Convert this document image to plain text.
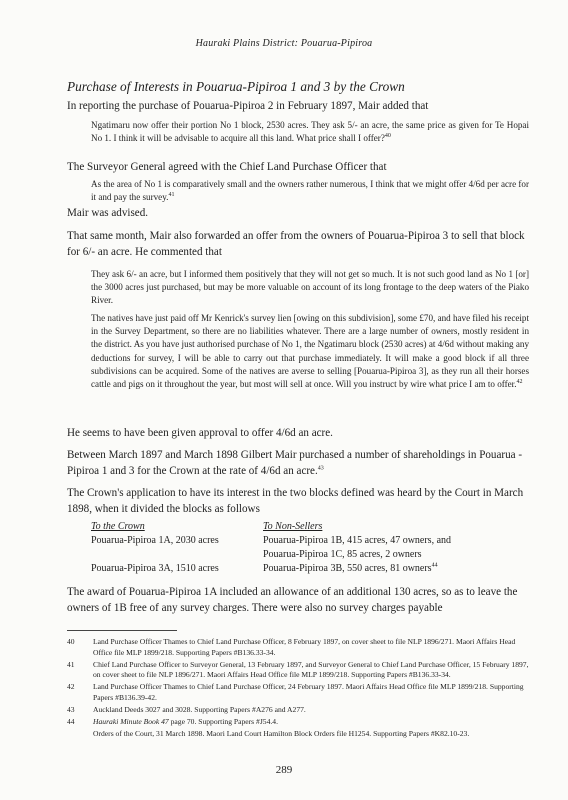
Hauraki Plains District: Pouarua-Pipiroa
Purchase of Interests in Pouarua-Pipiroa 1 and 3 by the Crown

In reporting the purchase of Pouarua-Pipiroa 2 in February 1897, Mair added that

Ngatimaru now offer their portion No 1 block, 2530 acres. They ask 5/- an acre, the same price as given for Te Hopai No 1. I think it will be advisable to acquire all this land. What price shall I offer?$^{40}$

The Surveyor General agreed with the Chief Land Purchase Officer that

As the area of No 1 is comparatively small and the owners rather numerous, I think that we might offer 4/6d per acre for it and pay the survey.$^{41}$

Mair was advised.

That same month, Mair also forwarded an offer from the owners of Pouarua-Pipiroa 3 to sell that block for 6/- an acre. He commented that

They ask 6/- an acre, but I informed them positively that they will not get so much. It is not such good land as No 1 [or] the 3000 acres just purchased, but may be more valuable on account of its long frontage to the deep waters of the Piako River.

The natives have just paid off Mr Kenrick's survey lien [owing on this subdivision], some £70, and have filed his receipt in the Survey Department, so there are no liabilities whatever. There are a large number of owners, mostly resident in the district. As you have just authorised purchase of No 1, the Ngatimaru block (2530 acres) at 4/6d without making any deductions for survey, I will be able to carry out that purchase immediately. It will make a good block if all three subdivisions can be acquired. Some of the natives are averse to selling [Pouarua-Pipiroa 3], as they run all their horses cattle and pigs on it throughout the year, but most will sell at once. Will you instruct by wire what price I am to offer.$^{42}$

He seems to have been given approval to offer 4/6d an acre.

Between March 1897 and March 1898 Gilbert Mair purchased a number of shareholdings in Pouarua - Pipiroa 1 and 3 for the Crown at the rate of 4/6d an acre.$^{43}$

The Crown's application to have its interest in the two blocks defined was heard by the Court in March 1898, when it divided the blocks as follows

To the Crown	To Non-Sellers
Pouarua-Pipiroa 1A, 2030 acres	Pouarua-Pipiroa 1B, 415 acres, 47 owners, and
Pouarua-Pipiroa 1C, 85 acres, 2 owners
Pouarua-Pipiroa 3A, 1510 acres	Pouarua-Pipiroa 3B, 550 acres, 81 owners$^{44}$

The award of Pouarua-Pipiroa 1A included an allowance of an additional 130 acres, so as to leave the owners of 1B free of any survey charges. There were also no survey charges payable

40 Land Purchase Officer Thames to Chief Land Purchase Officer, 8 February 1897, on cover sheet to file NLP 1896/271. Maori Affairs Head Office file MLP 1899/218. Supporting Papers #B136.33-34.
41 Chief Land Purchase Officer to Surveyor General, 13 February 1897, and Surveyor General to Chief Land Purchase Officer, 15 February 1897, on cover sheet to file NLP 1896/271. Maori Affairs Head Office file MLP 1899/218. Supporting Papers #B136.33-34.
42 Land Purchase Officer Thames to Chief Land Purchase Officer, 24 February 1897. Maori Affairs Head Office file MLP 1899/218. Supporting Papers #B136.39-42.
43 Auckland Deeds 3027 and 3028. Supporting Papers #A276 and A277.
44 Hauraki Minute Book 47 page 70. Supporting Papers #J54.4.
Orders of the Court, 31 March 1898. Maori Land Court Hamilton Block Orders file H1254. Supporting Papers #K82.10-23.
289
